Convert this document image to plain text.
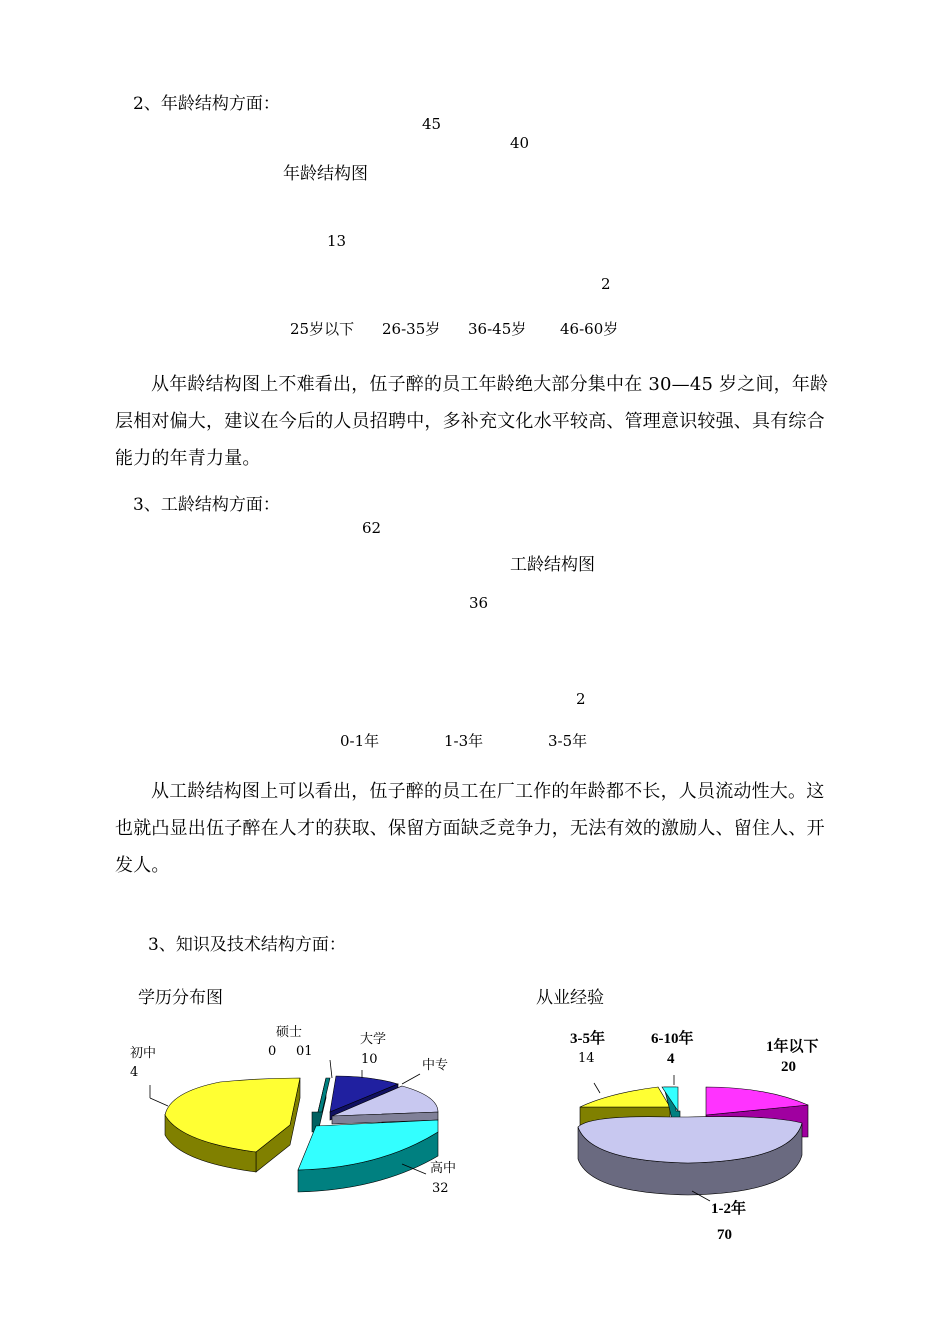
2、年龄结构方面：
45
40
年龄结构图
13
2
25岁以下 26-35岁 36-45岁 46-60岁

从年龄结构图上不难看出，伍子醉的员工年龄绝大部分集中在 30—45 岁之间，年龄层相对偏大，建议在今后的人员招聘中，多补充文化水平较高、管理意识较强、具有综合能力的年青力量。

3、工龄结构方面：
62
工龄结构图
36
2
0-1年	1-3年	3-5年

从工龄结构图上可以看出，伍子醉的员工在厂工作的年龄都不长，人员流动性大。这也就凸显出伍子醉在人才的获取、保留方面缺乏竞争力，无法有效的激励人、留住人、开发人。

3、知识及技术结构方面：
学历分布图
初中
4
硕士
0 01
大学
10	中专
高中
32
从业经验
3-5年
14
6-10年
4
1年以下
20
1-2年
70
